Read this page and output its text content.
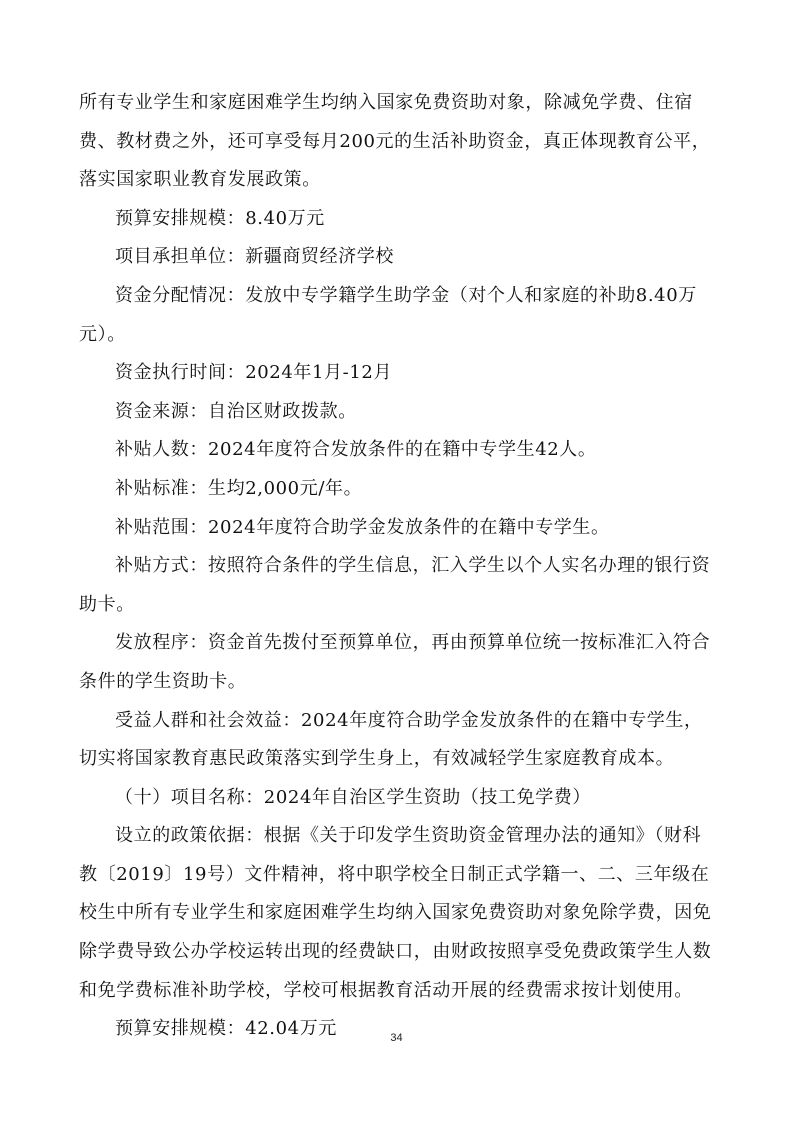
所有专业学生和家庭困难学生均纳入国家免费资助对象，除减免学费、住宿费、教材费之外，还可享受每月200元的生活补助资金，真正体现教育公平，落实国家职业教育发展政策。

预算安排规模：8.40万元

项目承担单位：新疆商贸经济学校

资金分配情况：发放中专学籍学生助学金（对个人和家庭的补助8.40万元）。

资金执行时间：2024年1月-12月

资金来源：自治区财政拨款。

补贴人数：2024年度符合发放条件的在籍中专学生42人。

补贴标准：生均2,000元/年。

补贴范围：2024年度符合助学金发放条件的在籍中专学生。

补贴方式：按照符合条件的学生信息，汇入学生以个人实名办理的银行资助卡。

发放程序：资金首先拨付至预算单位，再由预算单位统一按标准汇入符合条件的学生资助卡。

受益人群和社会效益：2024年度符合助学金发放条件的在籍中专学生，切实将国家教育惠民政策落实到学生身上，有效减轻学生家庭教育成本。

（十）项目名称：2024年自治区学生资助（技工免学费）

设立的政策依据：根据《关于印发学生资助资金管理办法的通知》（财科教〔2019〕19号）文件精神，将中职学校全日制正式学籍一、二、三年级在校生中所有专业学生和家庭困难学生均纳入国家免费资助对象免除学费，因免除学费导致公办学校运转出现的经费缺口，由财政按照享受免费政策学生人数和免学费标准补助学校，学校可根据教育活动开展的经费需求按计划使用。

预算安排规模：42.04万元	34
